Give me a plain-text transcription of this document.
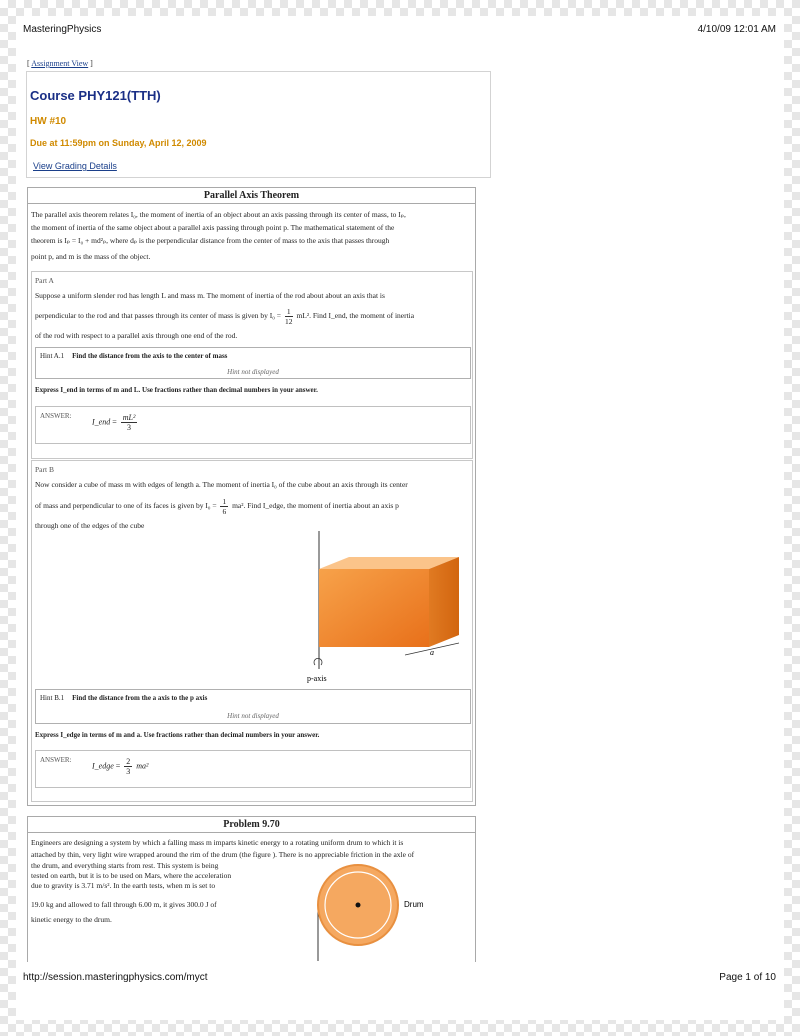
MasteringPhysics	4/10/09 12:01 AM
[ Assignment View ]
Course PHY121(TTH)
HW #10
Due at 11:59pm on Sunday, April 12, 2009
View Grading Details
Parallel Axis Theorem
The parallel axis theorem relates I₀, the moment of inertia of an object about an axis passing through its center of mass, to Iₚ,
the moment of inertia of the same object about a parallel axis passing through point p. The mathematical statement of the
theorem is Iₚ = I₀ + md²ₚ, where dₚ is the perpendicular distance from the center of mass to the axis that passes through
point p, and m is the mass of the object.
Part A
Suppose a uniform slender rod has length L and mass m. The moment of inertia of the rod about about an axis that is
perpendicular to the rod and that passes through its center of mass is given by $I_0 = \frac{1}{12} mL^2$. Find I_end, the moment of inertia
of the rod with respect to a parallel axis through one end of the rod.
Hint A.1 Find the distance from the axis to the center of mass
Hint not displayed
Express I_end in terms of m and L. Use fractions rather than decimal numbers in your answer.
ANSWER:
I_end = $\frac{\text{mL²}}{3}$
Part B
Now consider a cube of mass m with edges of length a. The moment of inertia I₀ of the cube about an axis through its center
of mass and perpendicular to one of its faces is given by $I_0 = \frac{1}{6} ma^2$. Find I_edge, the moment of inertia about an axis p
through one of the edges of the cube
a
p-axis
Hint B.1 Find the distance from the a axis to the p axis
Hint not displayed
Express I_edge in terms of m and a. Use fractions rather than decimal numbers in your answer.
ANSWER:
I_edge = $\frac{2}{3} ma^2$
Problem 9.70
Engineers are designing a system by which a falling mass m imparts kinetic energy to a rotating uniform drum to which it is
attached by thin, very light wire wrapped around the rim of the drum (the figure ). There is no appreciable friction in the axle of
the drum, and everything starts from rest. This system is being
tested on earth, but it is to be used on Mars, where the acceleration
due to gravity is 3.71 m/s². In the earth tests, when m is set to
19.0 kg and allowed to fall through 6.00 m, it gives 300.0 J of
kinetic energy to the drum.
Drum
http://session.masteringphysics.com/myct	Page 1 of 10
